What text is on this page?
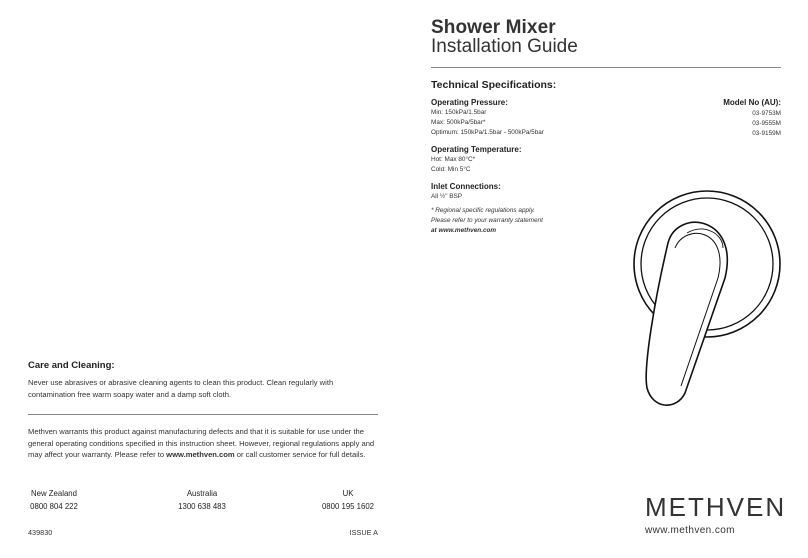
Shower Mixer
Installation Guide
Technical Specifications:
Operating Pressure:
Min: 150kPa/1.5bar
Max: 500kPa/5bar*
Optimum: 150kPa/1.5bar - 500kPa/5bar
Model No (AU):
03-9753M
03-9555M
03-9159M
Operating Temperature:
Hot: Max 80°C*
Cold: Min 5°C
Inlet Connections:
All ½" BSP
* Regional specific regulations apply.
Please refer to your warranty statement
at www.methven.com
Care and Cleaning:
Never use abrasives or abrasive cleaning agents to clean this product. Clean regularly with contamination free warm soapy water and a damp soft cloth.
Methven warrants this product against manufacturing defects and that it is suitable for use under the general operating conditions specified in this instruction sheet. However, regional regulations apply and may affect your warranty. Please refer to www.methven.com or call customer service for full details.
New Zealand
0800 804 222
Australia
1300 638 483
UK
0800 195 1602
439830	ISSUE A
METHVEN
www.methven.com
